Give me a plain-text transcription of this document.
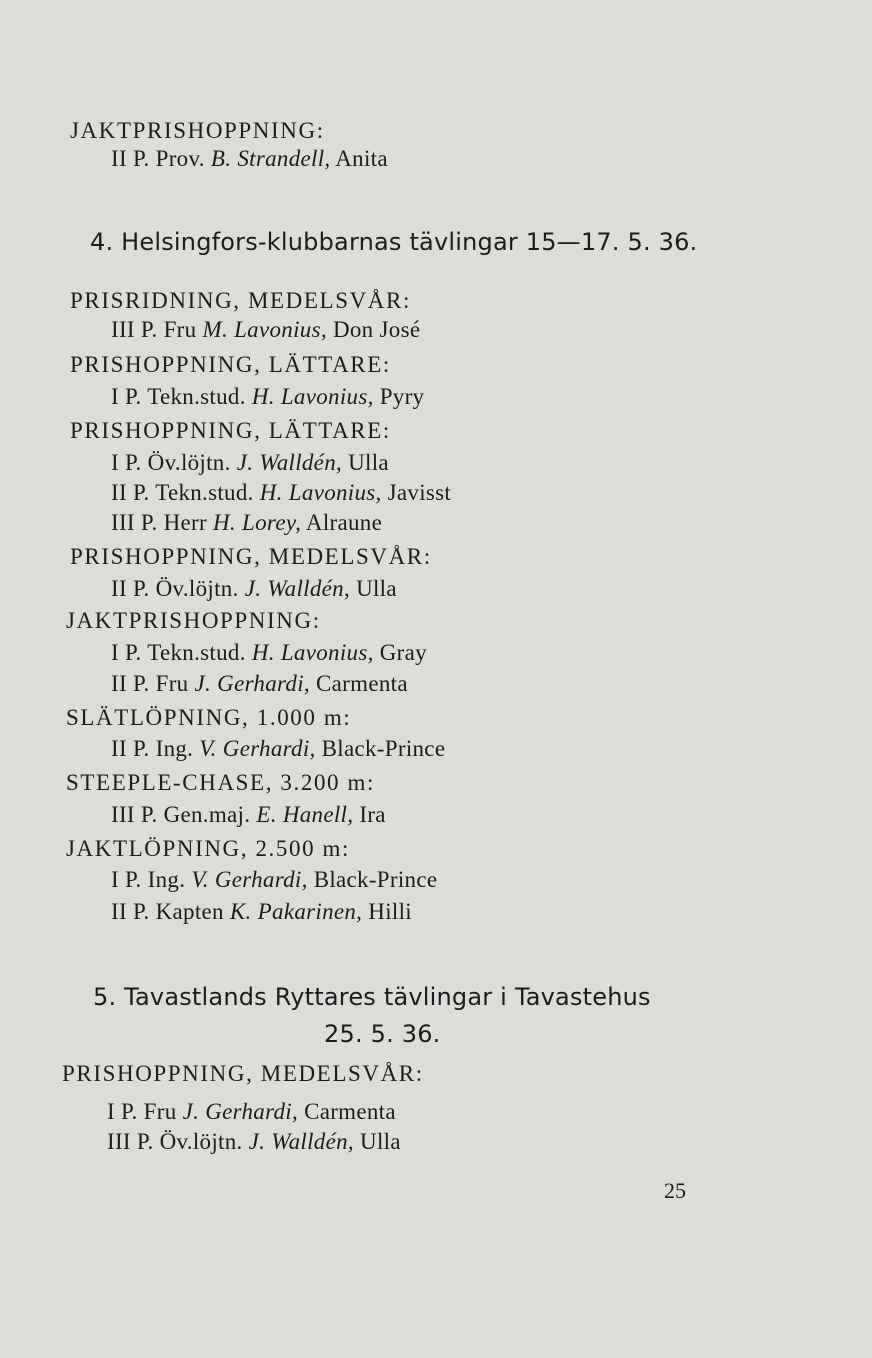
JAKTPRISHOPPNING:
II P. Prov. B. Strandell, Anita
4. Helsingfors-klubbarnas tävlingar 15—17. 5. 36.
PRISRIDNING, MEDELSVÅR:
III P. Fru M. Lavonius, Don José
PRISHOPPNING, LÄTTARE:
I P. Tekn.stud. H. Lavonius, Pyry
PRISHOPPNING, LÄTTARE:
I P. Öv.löjtn. J. Walldén, Ulla
II P. Tekn.stud. H. Lavonius, Javisst
III P. Herr H. Lorey, Alraune
PRISHOPPNING, MEDELSVÅR:
II P. Öv.löjtn. J. Walldén, Ulla
JAKTPRISHOPPNING:
I P. Tekn.stud. H. Lavonius, Gray
II P. Fru J. Gerhardi, Carmenta
SLÄTLÖPNING, 1.000 m:
II P. Ing. V. Gerhardi, Black-Prince
STEEPLE-CHASE, 3.200 m:
III P. Gen.maj. E. Hanell, Ira
JAKTLÖPNING, 2.500 m:
I P. Ing. V. Gerhardi, Black-Prince
II P. Kapten K. Pakarinen, Hilli
5. Tavastlands Ryttares tävlingar i Tavastehus
25. 5. 36.
PRISHOPPNING, MEDELSVÅR:
I P. Fru J. Gerhardi, Carmenta
III P. Öv.löjtn. J. Walldén, Ulla
25
